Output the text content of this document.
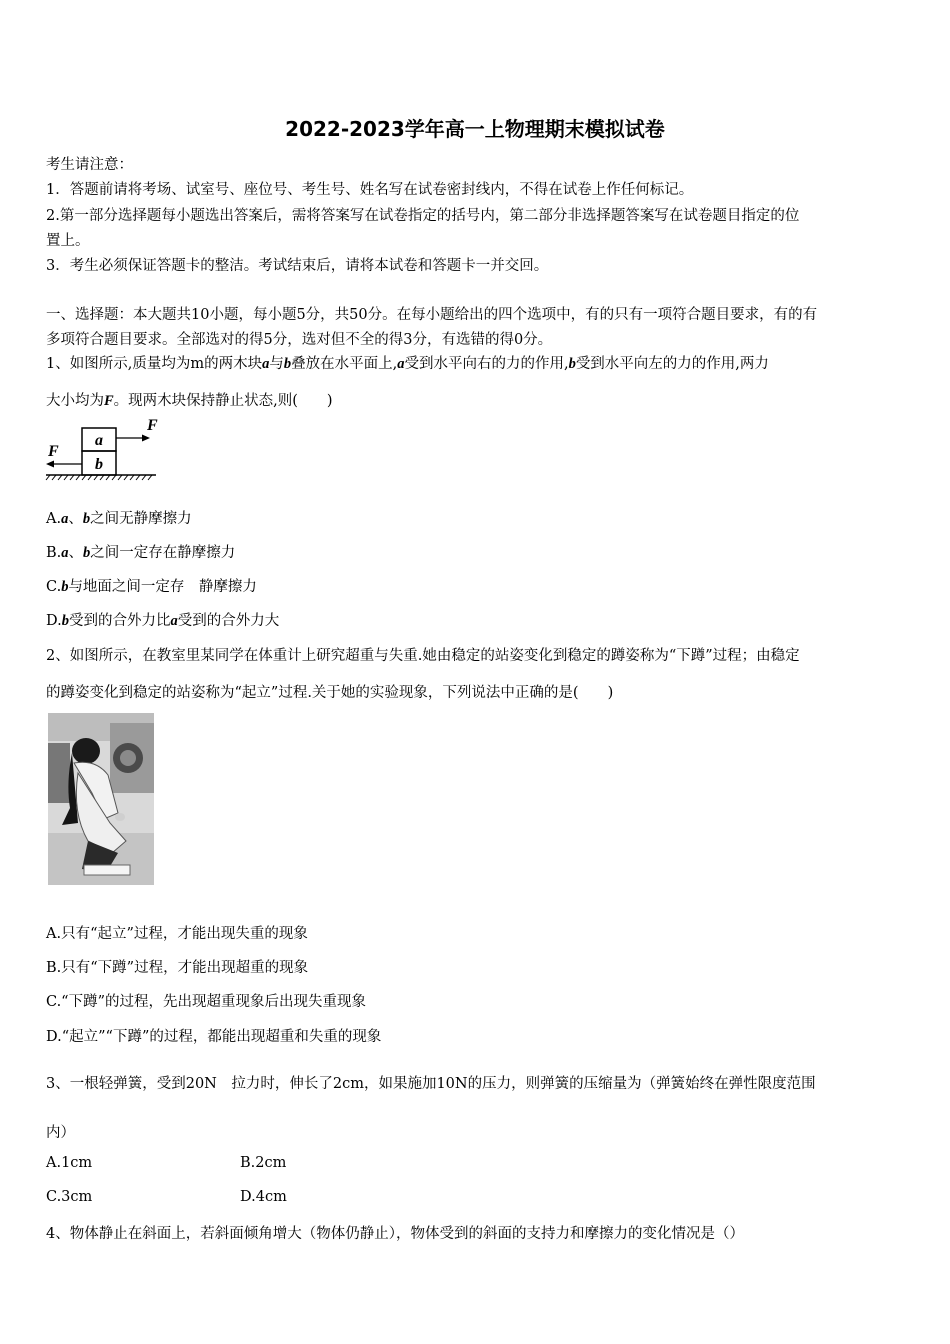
2022-2023学年高一上物理期末模拟试卷
考生请注意：
1．答题前请将考场、试室号、座位号、考生号、姓名写在试卷密封线内，不得在试卷上作任何标记。
2.第一部分选择题每小题选出答案后，需将答案写在试卷指定的括号内，第二部分非选择题答案写在试卷题目指定的位
置上。
3．考生必须保证答题卡的整洁。考试结束后，请将本试卷和答题卡一并交回。
一、选择题：本大题共10小题，每小题5分，共50分。在每小题给出的四个选项中，有的只有一项符合题目要求，有的有
多项符合题目要求。全部选对的得5分，选对但不全的得3分，有选错的得0分。
1、如图所示,质量均为m的两木块a与b叠放在水平面上,a受到水平向右的力的作用,b受到水平向左的力的作用,两力
大小均为F。现两木块保持静止状态,则(　　)
a
b
F
F
A.a、b之间无静摩擦力
B.a、b之间一定存在静摩擦力
C.b与地面之间一定存　静摩擦力
D.b受到的合外力比a受到的合外力大
2、如图所示，在教室里某同学在体重计上研究超重与失重.她由稳定的站姿变化到稳定的蹲姿称为“下蹲”过程；由稳定
的蹲姿变化到稳定的站姿称为“起立”过程.关于她的实验现象，下列说法中正确的是(　　)
A.只有“起立”过程，才能出现失重的现象
B.只有“下蹲”过程，才能出现超重的现象
C.“下蹲”的过程，先出现超重现象后出现失重现象
D.“起立”“下蹲”的过程，都能出现超重和失重的现象
3、一根轻弹簧，受到20N　拉力时，伸长了2cm，如果施加10N的压力，则弹簧的压缩量为（弹簧始终在弹性限度范围
内）
A.1cm	B.2cm
C.3cm	D.4cm
4、物体静止在斜面上，若斜面倾角增大（物体仍静止），物体受到的斜面的支持力和摩擦力的变化情况是（）
